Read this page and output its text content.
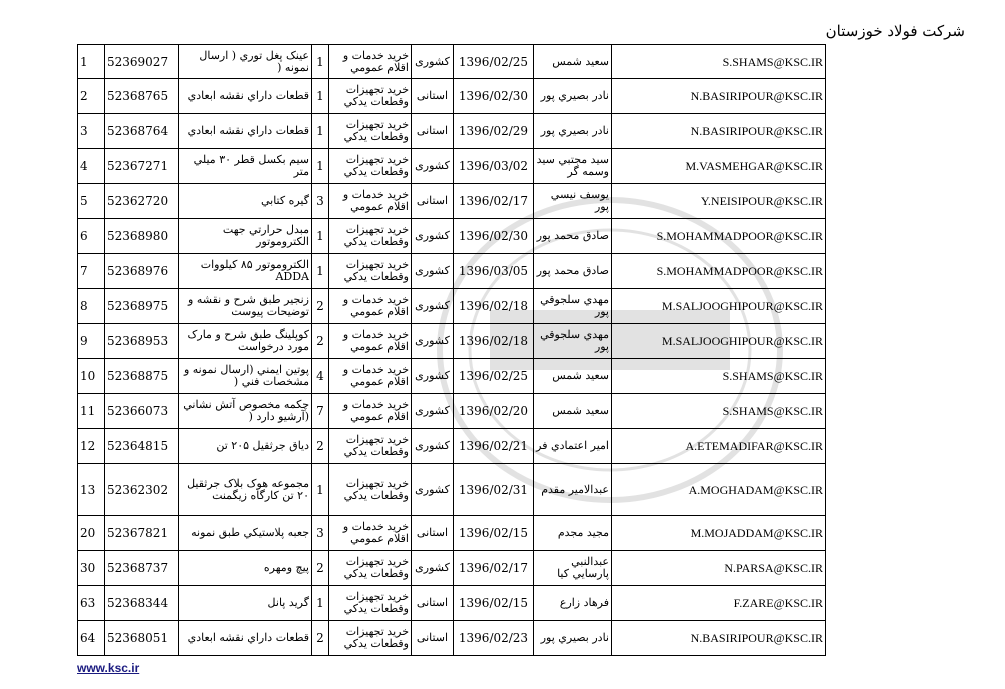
شرکت فولاد خوزستان
1	52369027	عينک پغل توري ( ارسال نمونه (	1	خريد خدمات و اقلام عمومي	کشوری	1396/02/25	سعيد شمس	S.SHAMS@KSC.IR
2	52368765	قطعات داراي نقشه ابعادي	1	خريد تجهيزات وقطعات يدکي	استانی	1396/02/30	نادر بصيري پور	N.BASIRIPOUR@KSC.IR
3	52368764	قطعات داراي نقشه ابعادي	1	خريد تجهيزات وقطعات يدکي	استانی	1396/02/29	نادر بصيري پور	N.BASIRIPOUR@KSC.IR
4	52367271	سيم بکسل قطر ۳۰ ميلي متر	1	خريد تجهيزات وقطعات يدکي	کشوری	1396/03/02	سيد مجتبي سيد وسمه گر	M.VASMEHGAR@KSC.IR
5	52362720	گيره کتابي	3	خريد خدمات و اقلام عمومي	استانی	1396/02/17	يوسف نيسي پور	Y.NEISIPOUR@KSC.IR
6	52368980	مبدل حرارتي جهت الکتروموتور	1	خريد تجهيزات وقطعات يدکي	کشوری	1396/02/30	صادق محمد پور	S.MOHAMMADPOOR@KSC.IR
7	52368976	الکتروموتور ۸۵ کيلووات ADDA	1	خريد تجهيزات وقطعات يدکي	کشوری	1396/03/05	صادق محمد پور	S.MOHAMMADPOOR@KSC.IR
8	52368975	زنجير طبق شرح و نقشه و توضيحات پيوست	2	خريد خدمات و اقلام عمومي	کشوری	1396/02/18	مهدي سلجوقي پور	M.SALJOOGHIPOUR@KSC.IR
9	52368953	کوپلينگ طبق شرح و مارک مورد درخواست	2	خريد خدمات و اقلام عمومي	کشوری	1396/02/18	مهدي سلجوقي پور	M.SALJOOGHIPOUR@KSC.IR
10	52368875	پوتين ايمني (ارسال نمونه و مشخصات فني (	4	خريد خدمات و اقلام عمومي	کشوری	1396/02/25	سعيد شمس	S.SHAMS@KSC.IR
11	52366073	چکمه مخصوص آتش نشاني (آرشيو دارد (	7	خريد خدمات و اقلام عمومي	کشوری	1396/02/20	سعيد شمس	S.SHAMS@KSC.IR
12	52364815	دياق جرثقيل ۲۰۵ تن	2	خريد تجهيزات وقطعات يدکي	کشوری	1396/02/21	امير اعتمادي فر	A.ETEMADIFAR@KSC.IR
13	52362302	مجموعه هوک بلاک جرثقيل ۲۰ تن کارگاه زيگمنت	1	خريد تجهيزات وقطعات يدکي	کشوری	1396/02/31	عبدالامير مقدم	A.MOGHADAM@KSC.IR
20	52367821	جعبه پلاستيکي طبق نمونه	3	خريد خدمات و اقلام عمومي	استانی	1396/02/15	مجيد مجدم	M.MOJADDAM@KSC.IR
30	52368737	پيچ ومهره	2	خريد تجهيزات وقطعات يدکي	کشوری	1396/02/17	عبدالنبي پارسايي کيا	N.PARSA@KSC.IR
63	52368344	گريد پانل	1	خريد تجهيزات وقطعات يدکي	استانی	1396/02/15	فرهاد زارع	F.ZARE@KSC.IR
64	52368051	قطعات داراي نقشه ابعادي	2	خريد تجهيزات وقطعات يدکي	استانی	1396/02/23	نادر بصيري پور	N.BASIRIPOUR@KSC.IR
www.ksc.ir
